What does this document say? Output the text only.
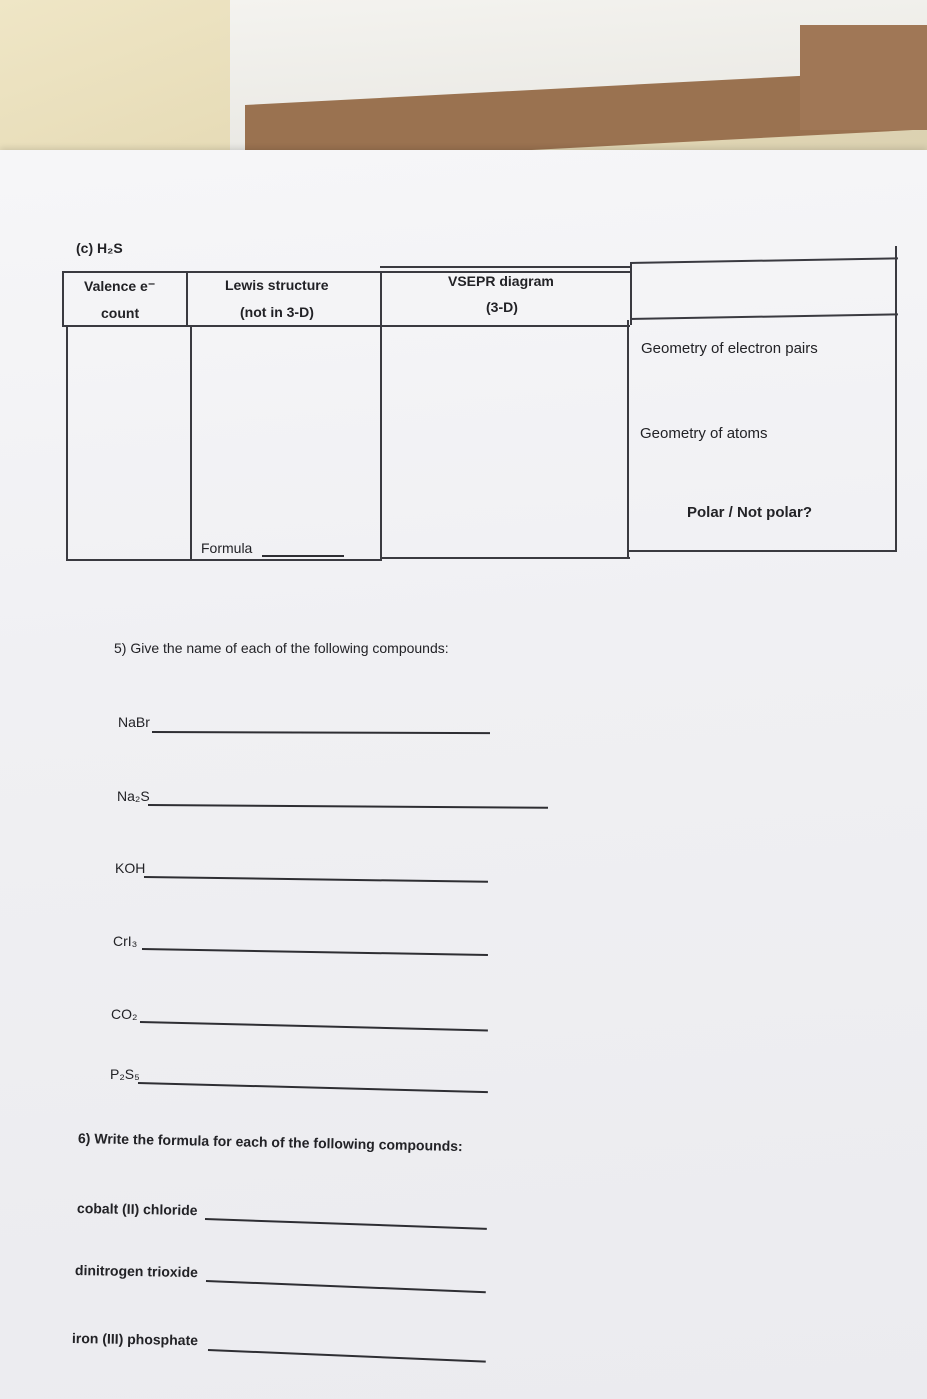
(c) H₂S
Valence e⁻
count
Lewis structure
(not in 3-D)
VSEPR diagram
(3-D)
Geometry of electron pairs
Geometry of atoms
Polar / Not polar?
Formula
5) Give the name of each of the following compounds:
NaBr
Na₂S
KOH
CrI₃
CO₂
P₂S₅
6) Write the formula for each of the following compounds:
cobalt (II) chloride
dinitrogen trioxide
iron (III) phosphate
